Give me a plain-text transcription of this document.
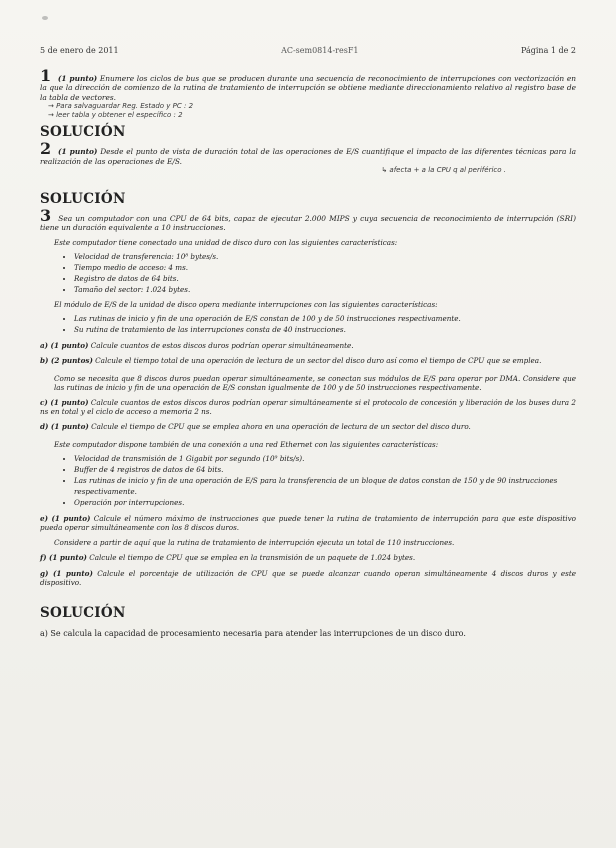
5 de enero de 2011	AC-sem0814-resF1	Página 1 de 2
1 (1 punto) Enumere los ciclos de bus que se producen durante una secuencia de reconocimiento de interrupciones con vectorización en la que la dirección de comienzo de la rutina de tratamiento de interrupción se obtiene mediante direccionamiento relativo al registro base de la tabla de vectores.
→ Para salvaguardar Reg. Estado y PC : 2
→ leer tabla y obtener el específico : 2
SOLUCIÓN
2 (1 punto) Desde el punto de vista de duración total de las operaciones de E/S cuantifique el impacto de las diferentes técnicas para la realización de las operaciones de E/S.
↳ afecta + a la CPU q al periférico .
SOLUCIÓN
3 Sea un computador con una CPU de 64 bits, capaz de ejecutar 2.000 MIPS y cuya secuencia de reconocimiento de interrupción (SRI) tiene un duración equivalente a 10 instrucciones.
Este computador tiene conectado una unidad de disco duro con las siguientes características:
• Velocidad de transferencia: 10⁸ bytes/s.
• Tiempo medio de acceso: 4 ms.
• Registro de datos de 64 bits.
• Tamaño del sector: 1.024 bytes.
El módulo de E/S de la unidad de disco opera mediante interrupciones con las siguientes características:
• Las rutinas de inicio y fin de una operación de E/S constan de 100 y de 50 instrucciones respectivamente.
• Su rutina de tratamiento de las interrupciones consta de 40 instrucciones.
a) (1 punto) Calcule cuantos de estos discos duros podrían operar simultáneamente.
b) (2 puntos) Calcule el tiempo total de una operación de lectura de un sector del disco duro así como el tiempo de CPU que se emplea.
Como se necesita que 8 discos duros puedan operar simultáneamente, se conectan sus módulos de E/S para operar por DMA. Considere que las rutinas de inicio y fin de una operación de E/S constan igualmente de 100 y de 50 instrucciones respectivamente.
c) (1 punto) Calcule cuantos de estos discos duros podrían operar simultáneamente si el protocolo de concesión y liberación de los buses dura 2 ns en total y el ciclo de acceso a memoria 2 ns.
d) (1 punto) Calcule el tiempo de CPU que se emplea ahora en una operación de lectura de un sector del disco duro.
Este computador dispone también de una conexión a una red Ethernet con las siguientes características:
• Velocidad de transmisión de 1 Gigabit por segundo (10⁹ bits/s).
• Buffer de 4 registros de datos de 64 bits.
• Las rutinas de inicio y fin de una operación de E/S para la transferencia de un bloque de datos constan de 150 y de 90 instrucciones respectivamente.
• Operación por interrupciones.
e) (1 punto) Calcule el número máximo de instrucciones que puede tener la rutina de tratamiento de interrupción para que este dispositivo pueda operar simultáneamente con los 8 discos duros.
Considere a partir de aquí que la rutina de tratamiento de interrupción ejecuta un total de 110 instrucciones.
f) (1 punto) Calcule el tiempo de CPU que se emplea en la transmisión de un paquete de 1.024 bytes.
g) (1 punto) Calcule el porcentaje de utilización de CPU que se puede alcanzar cuando operan simultáneamente 4 discos duros y este dispositivo.
SOLUCIÓN
a) Se calcula la capacidad de procesamiento necesaria para atender las interrupciones de un disco duro.
